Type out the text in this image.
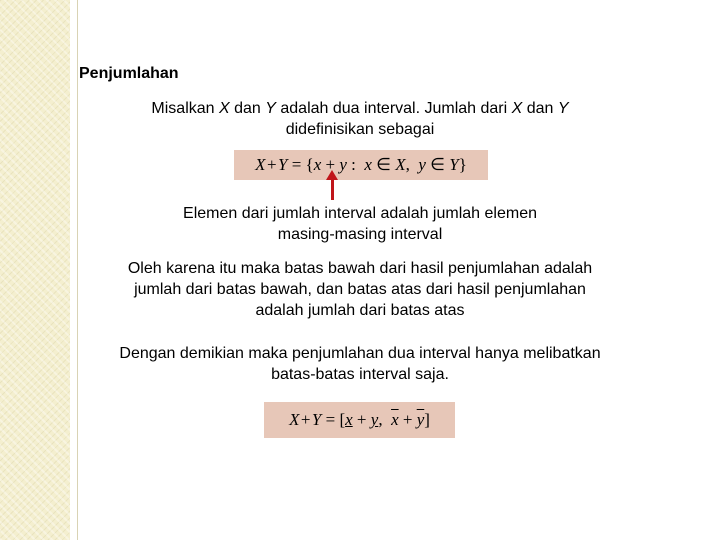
Penjumlahan
Misalkan X dan Y adalah dua interval. Jumlah dari X dan Y
didefinisikan sebagai
X + Y = {x + y :  x ∈ X,  y ∈ Y}
Elemen dari jumlah interval adalah jumlah elemen
masing-masing interval
Oleh karena itu maka batas bawah dari hasil penjumlahan adalah
jumlah dari batas bawah, dan batas atas dari hasil penjumlahan
adalah jumlah dari batas atas
Dengan demikian maka penjumlahan dua interval hanya melibatkan
batas-batas interval saja.
X + Y = [x + y,  $\overline{x} + \overline{y}$]
